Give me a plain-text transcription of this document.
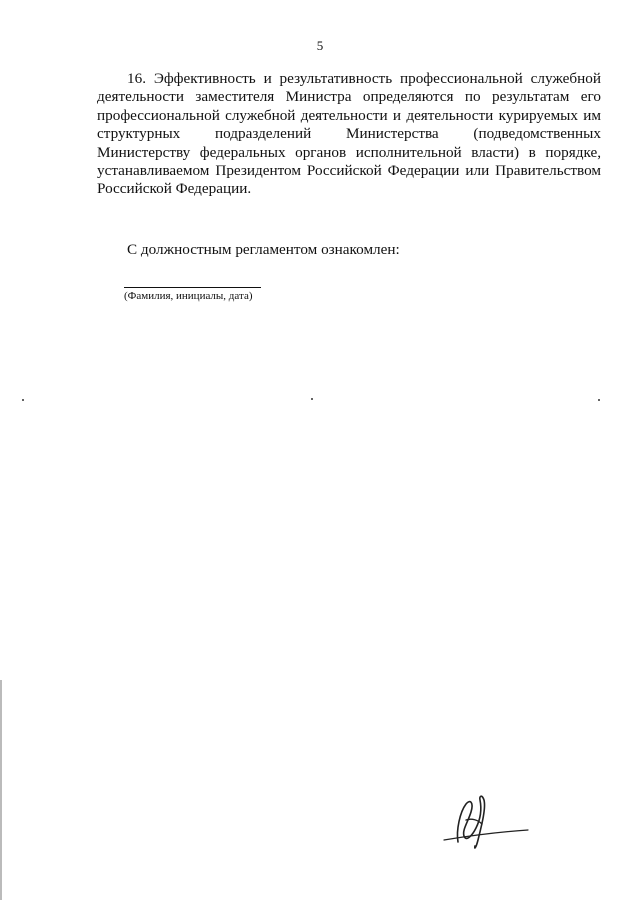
5

16. Эффективность и результативность профессиональной служебной деятельности заместителя Министра определяются по результатам его профессиональной служебной деятельности и деятельности курируемых им структурных подразделений Министерства (подведомственных Министерству федеральных органов исполнительной власти) в порядке, устанавливаемом Президентом Российской Федерации или Правительством Российской Федерации.

С должностным регламентом ознакомлен:

(Фамилия, инициалы, дата)
